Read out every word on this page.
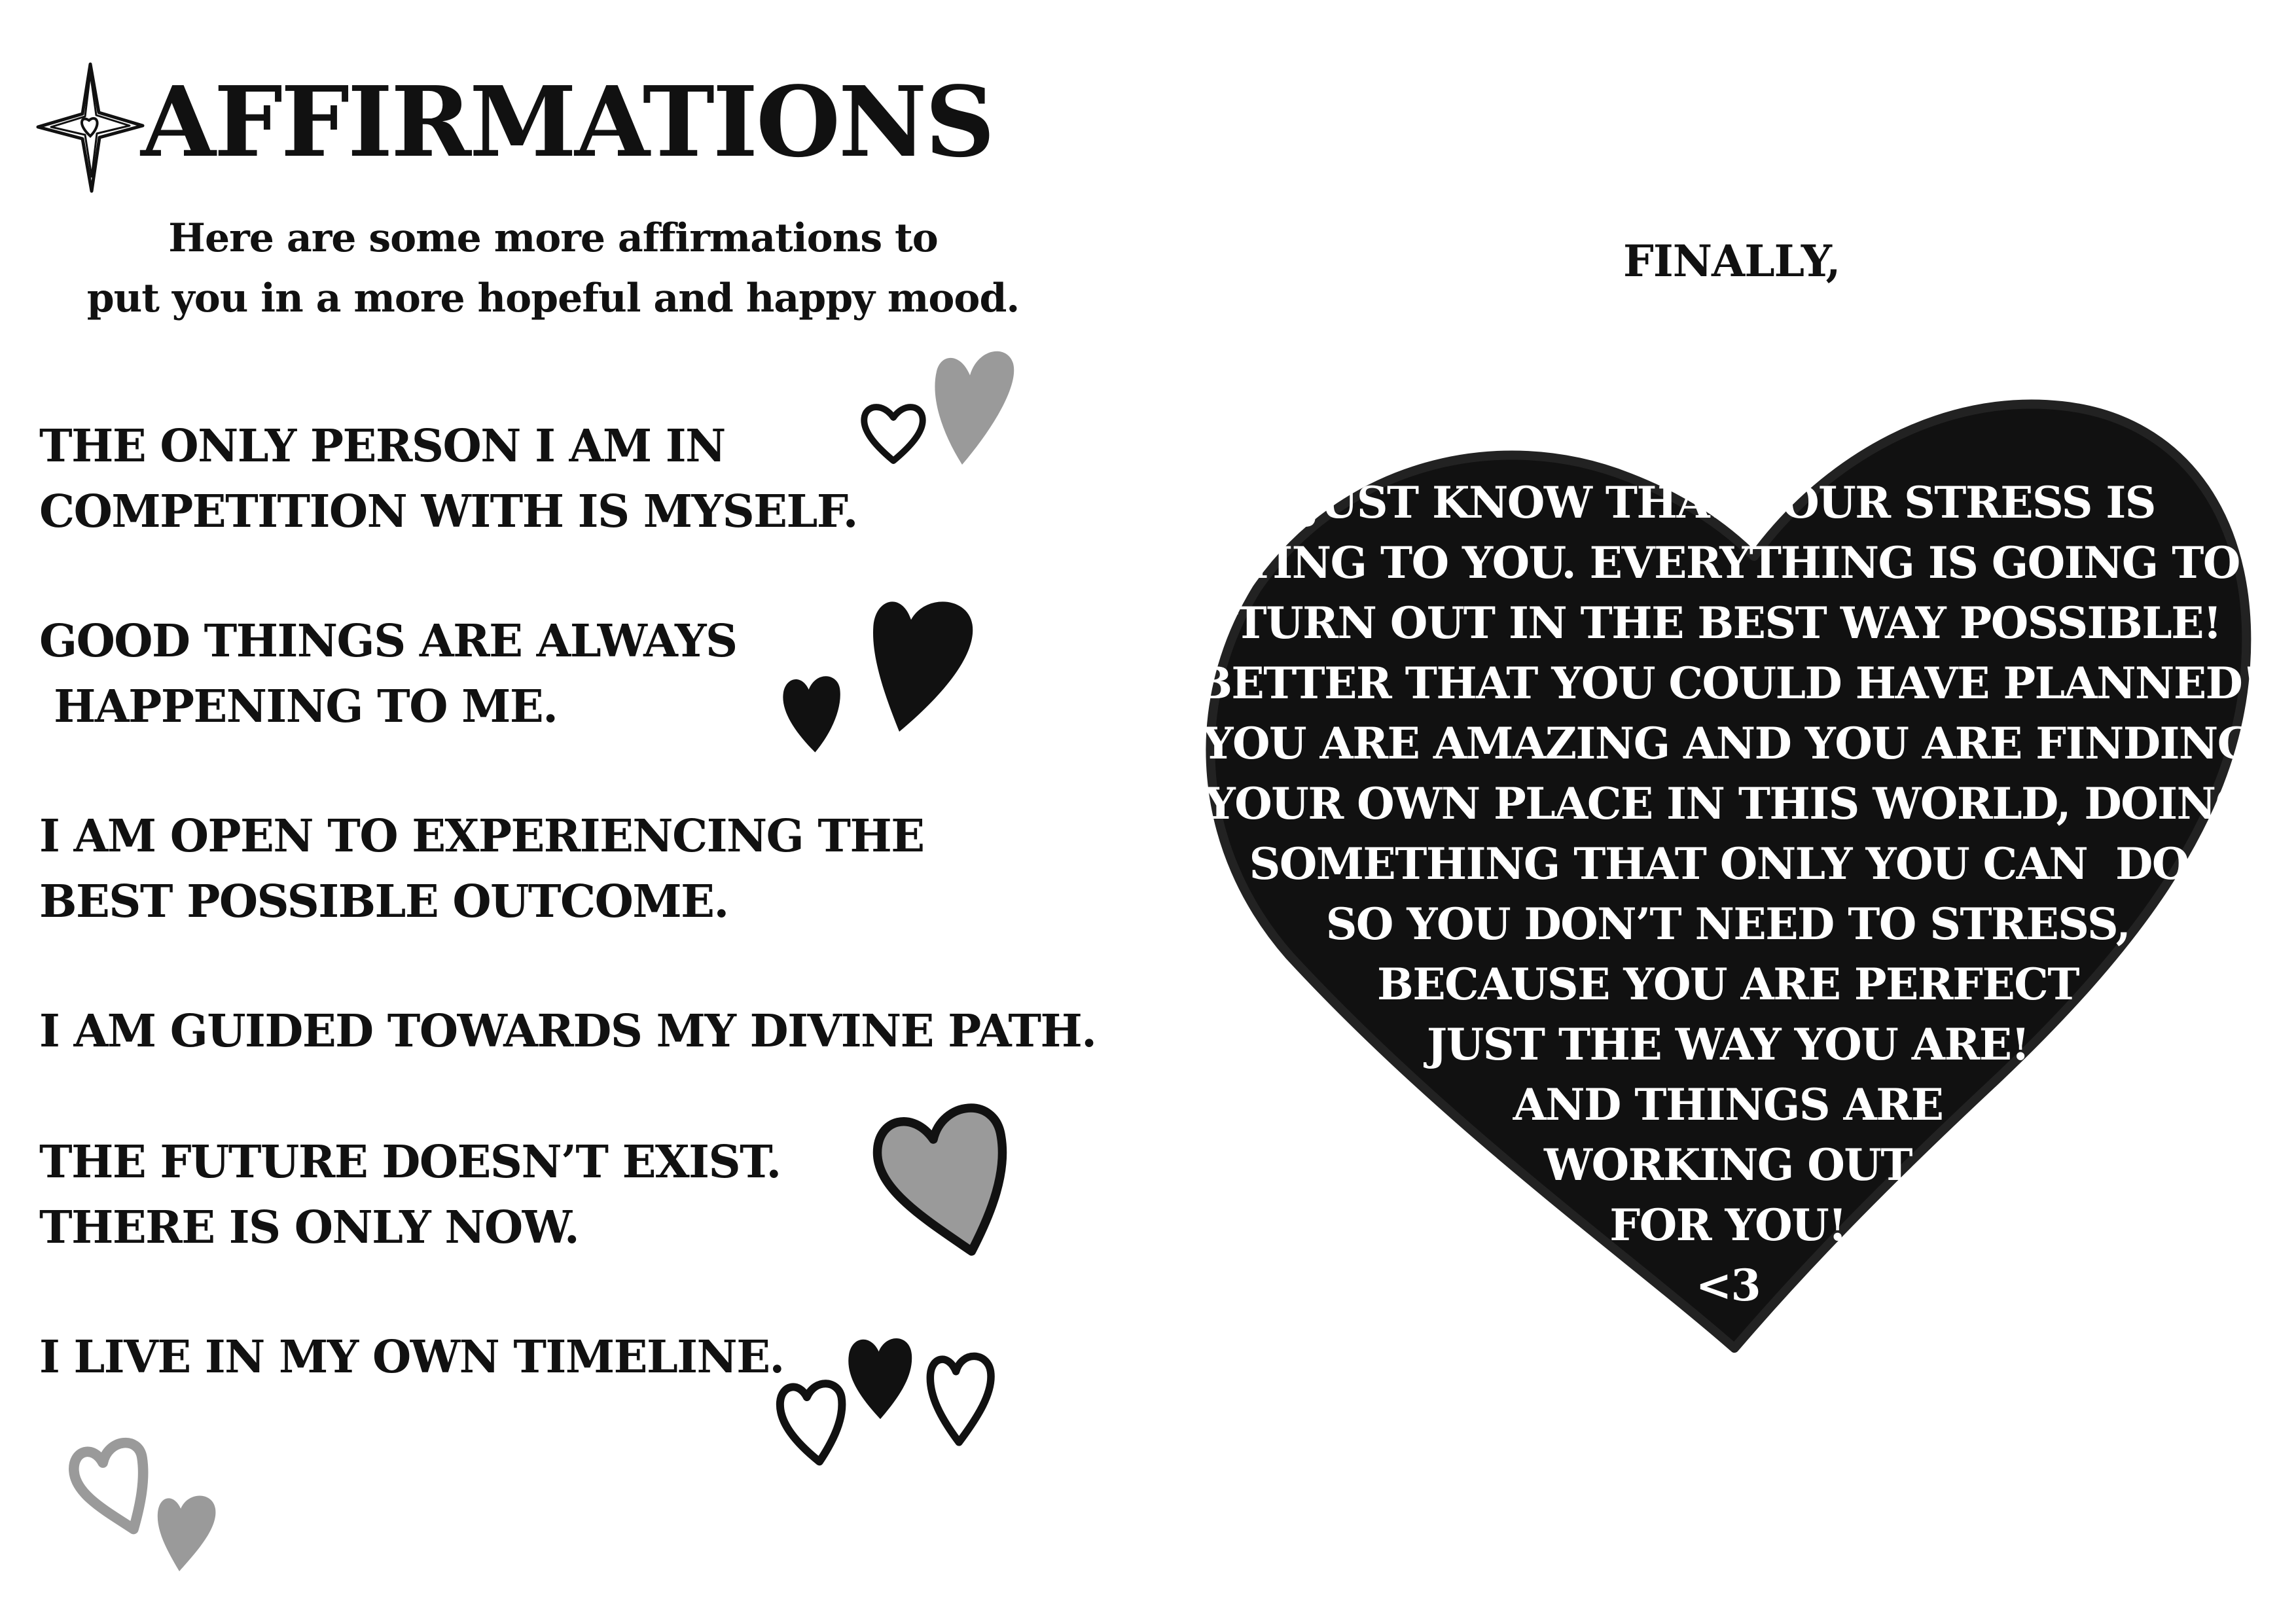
AFFIRMATIONS
Here are some more affirmations to
put you in a more hopeful and happy mood.
THE ONLY PERSON I AM IN
COMPETITION WITH IS MYSELF.
GOOD THINGS ARE ALWAYS
HAPPENING TO ME.
I AM OPEN TO EXPERIENCING THE
BEST POSSIBLE OUTCOME.
I AM GUIDED TOWARDS MY DIVINE PATH.
THE FUTURE DOESN’T EXIST.
THERE IS ONLY NOW.
I LIVE IN MY OWN TIMELINE.
FINALLY,
JUST KNOW THAT YOUR STRESS IS
LYING TO YOU. EVERYTHING IS GOING TO
TURN OUT IN THE BEST WAY POSSIBLE!
BETTER THAT YOU COULD HAVE PLANNED!
YOU ARE AMAZING AND YOU ARE FINDING
YOUR OWN PLACE IN THIS WORLD, DOING
SOMETHING THAT ONLY YOU CAN  DO!
SO YOU DON’T NEED TO STRESS,
BECAUSE YOU ARE PERFECT
JUST THE WAY YOU ARE!
AND THINGS ARE
WORKING OUT
FOR YOU!
<3
